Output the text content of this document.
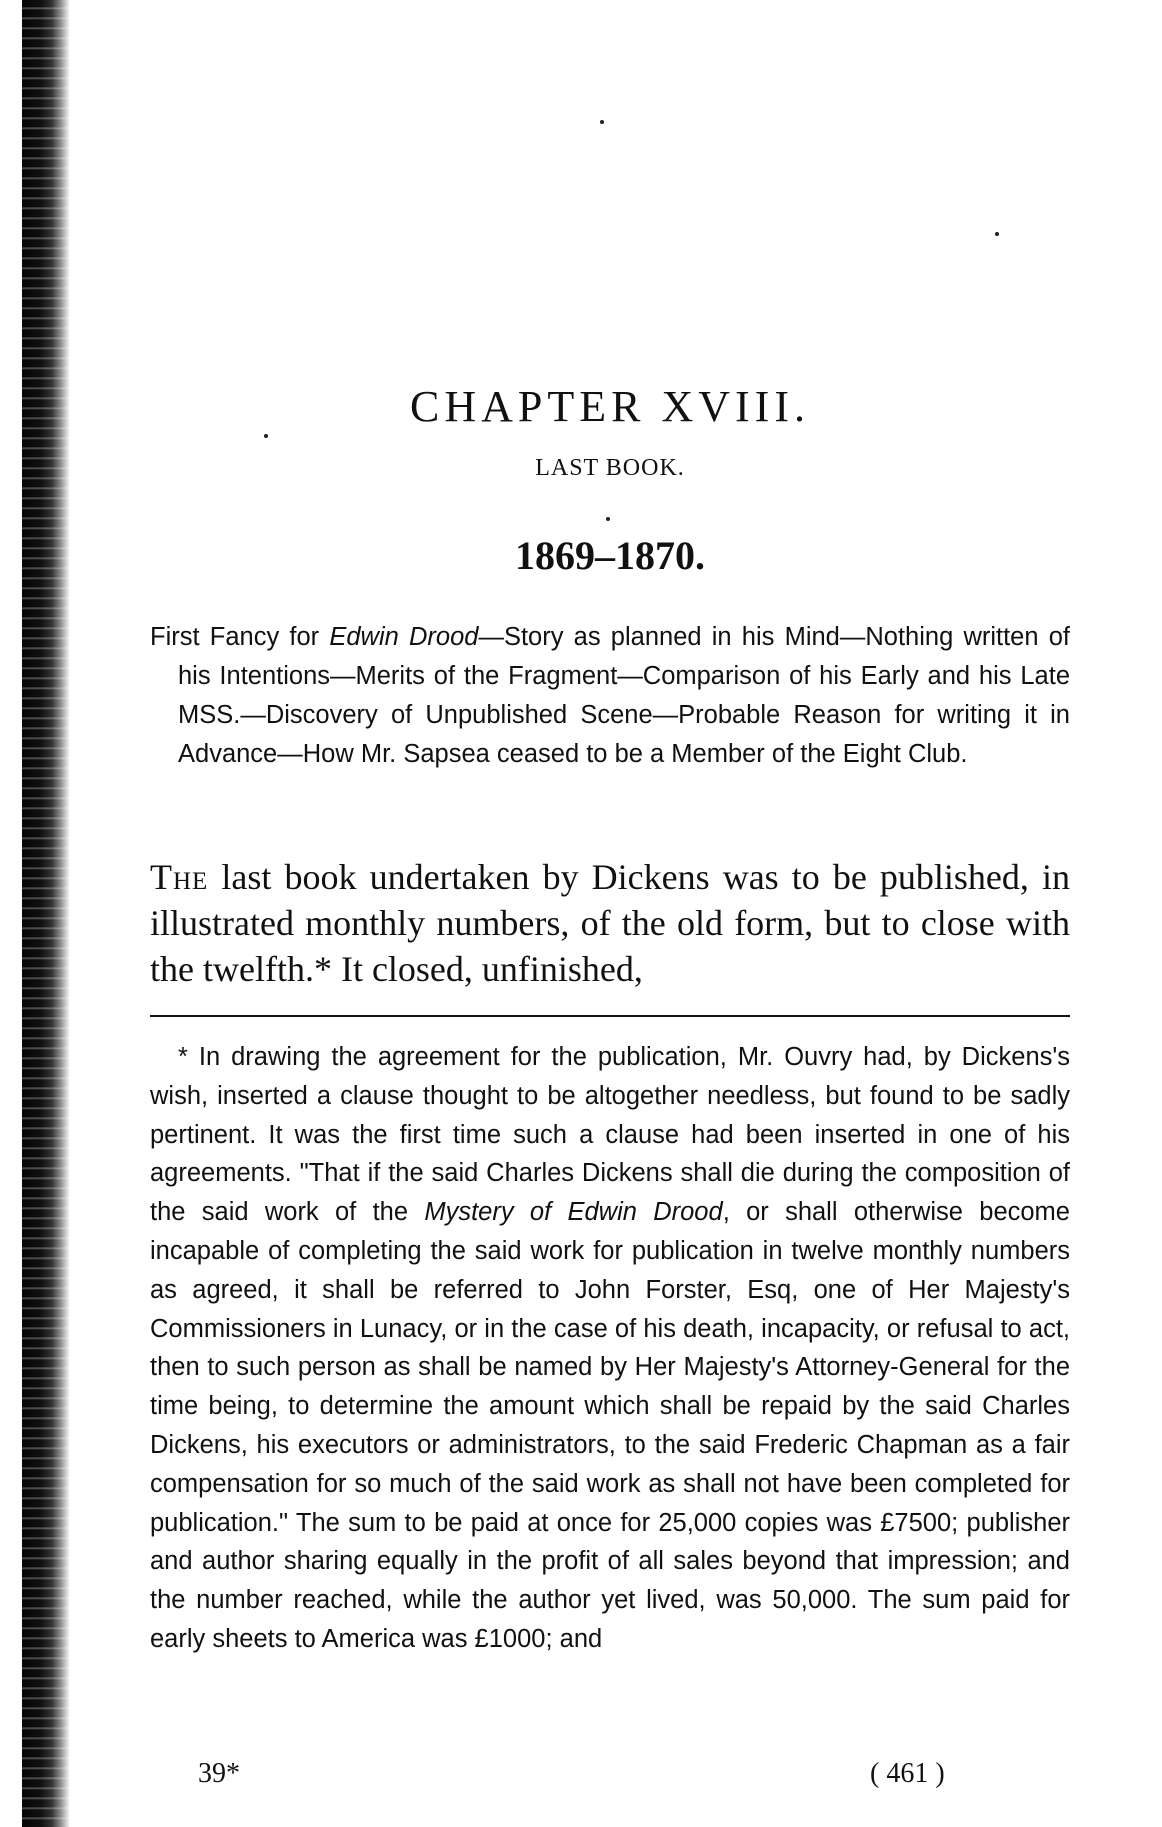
CHAPTER XVIII.
LAST BOOK.
1869–1870.

First Fancy for Edwin Drood—Story as planned in his Mind—Nothing written of his Intentions—Merits of the Fragment—Comparison of his Early and his Late MSS.—Discovery of Unpublished Scene—Probable Reason for writing it in Advance—How Mr. Sapsea ceased to be a Member of the Eight Club.

The last book undertaken by Dickens was to be published, in illustrated monthly numbers, of the old form, but to close with the twelfth.* It closed, unfinished,

* In drawing the agreement for the publication, Mr. Ouvry had, by Dickens's wish, inserted a clause thought to be altogether needless, but found to be sadly pertinent. It was the first time such a clause had been inserted in one of his agreements. "That if the said Charles Dickens shall die during the composition of the said work of the Mystery of Edwin Drood, or shall otherwise become incapable of completing the said work for publication in twelve monthly numbers as agreed, it shall be referred to John Forster, Esq, one of Her Majesty's Commissioners in Lunacy, or in the case of his death, incapacity, or refusal to act, then to such person as shall be named by Her Majesty's Attorney-General for the time being, to determine the amount which shall be repaid by the said Charles Dickens, his executors or administrators, to the said Frederic Chapman as a fair compensation for so much of the said work as shall not have been completed for publication." The sum to be paid at once for 25,000 copies was £7500; publisher and author sharing equally in the profit of all sales beyond that impression; and the number reached, while the author yet lived, was 50,000. The sum paid for early sheets to America was £1000; and

39*	( 461 )
